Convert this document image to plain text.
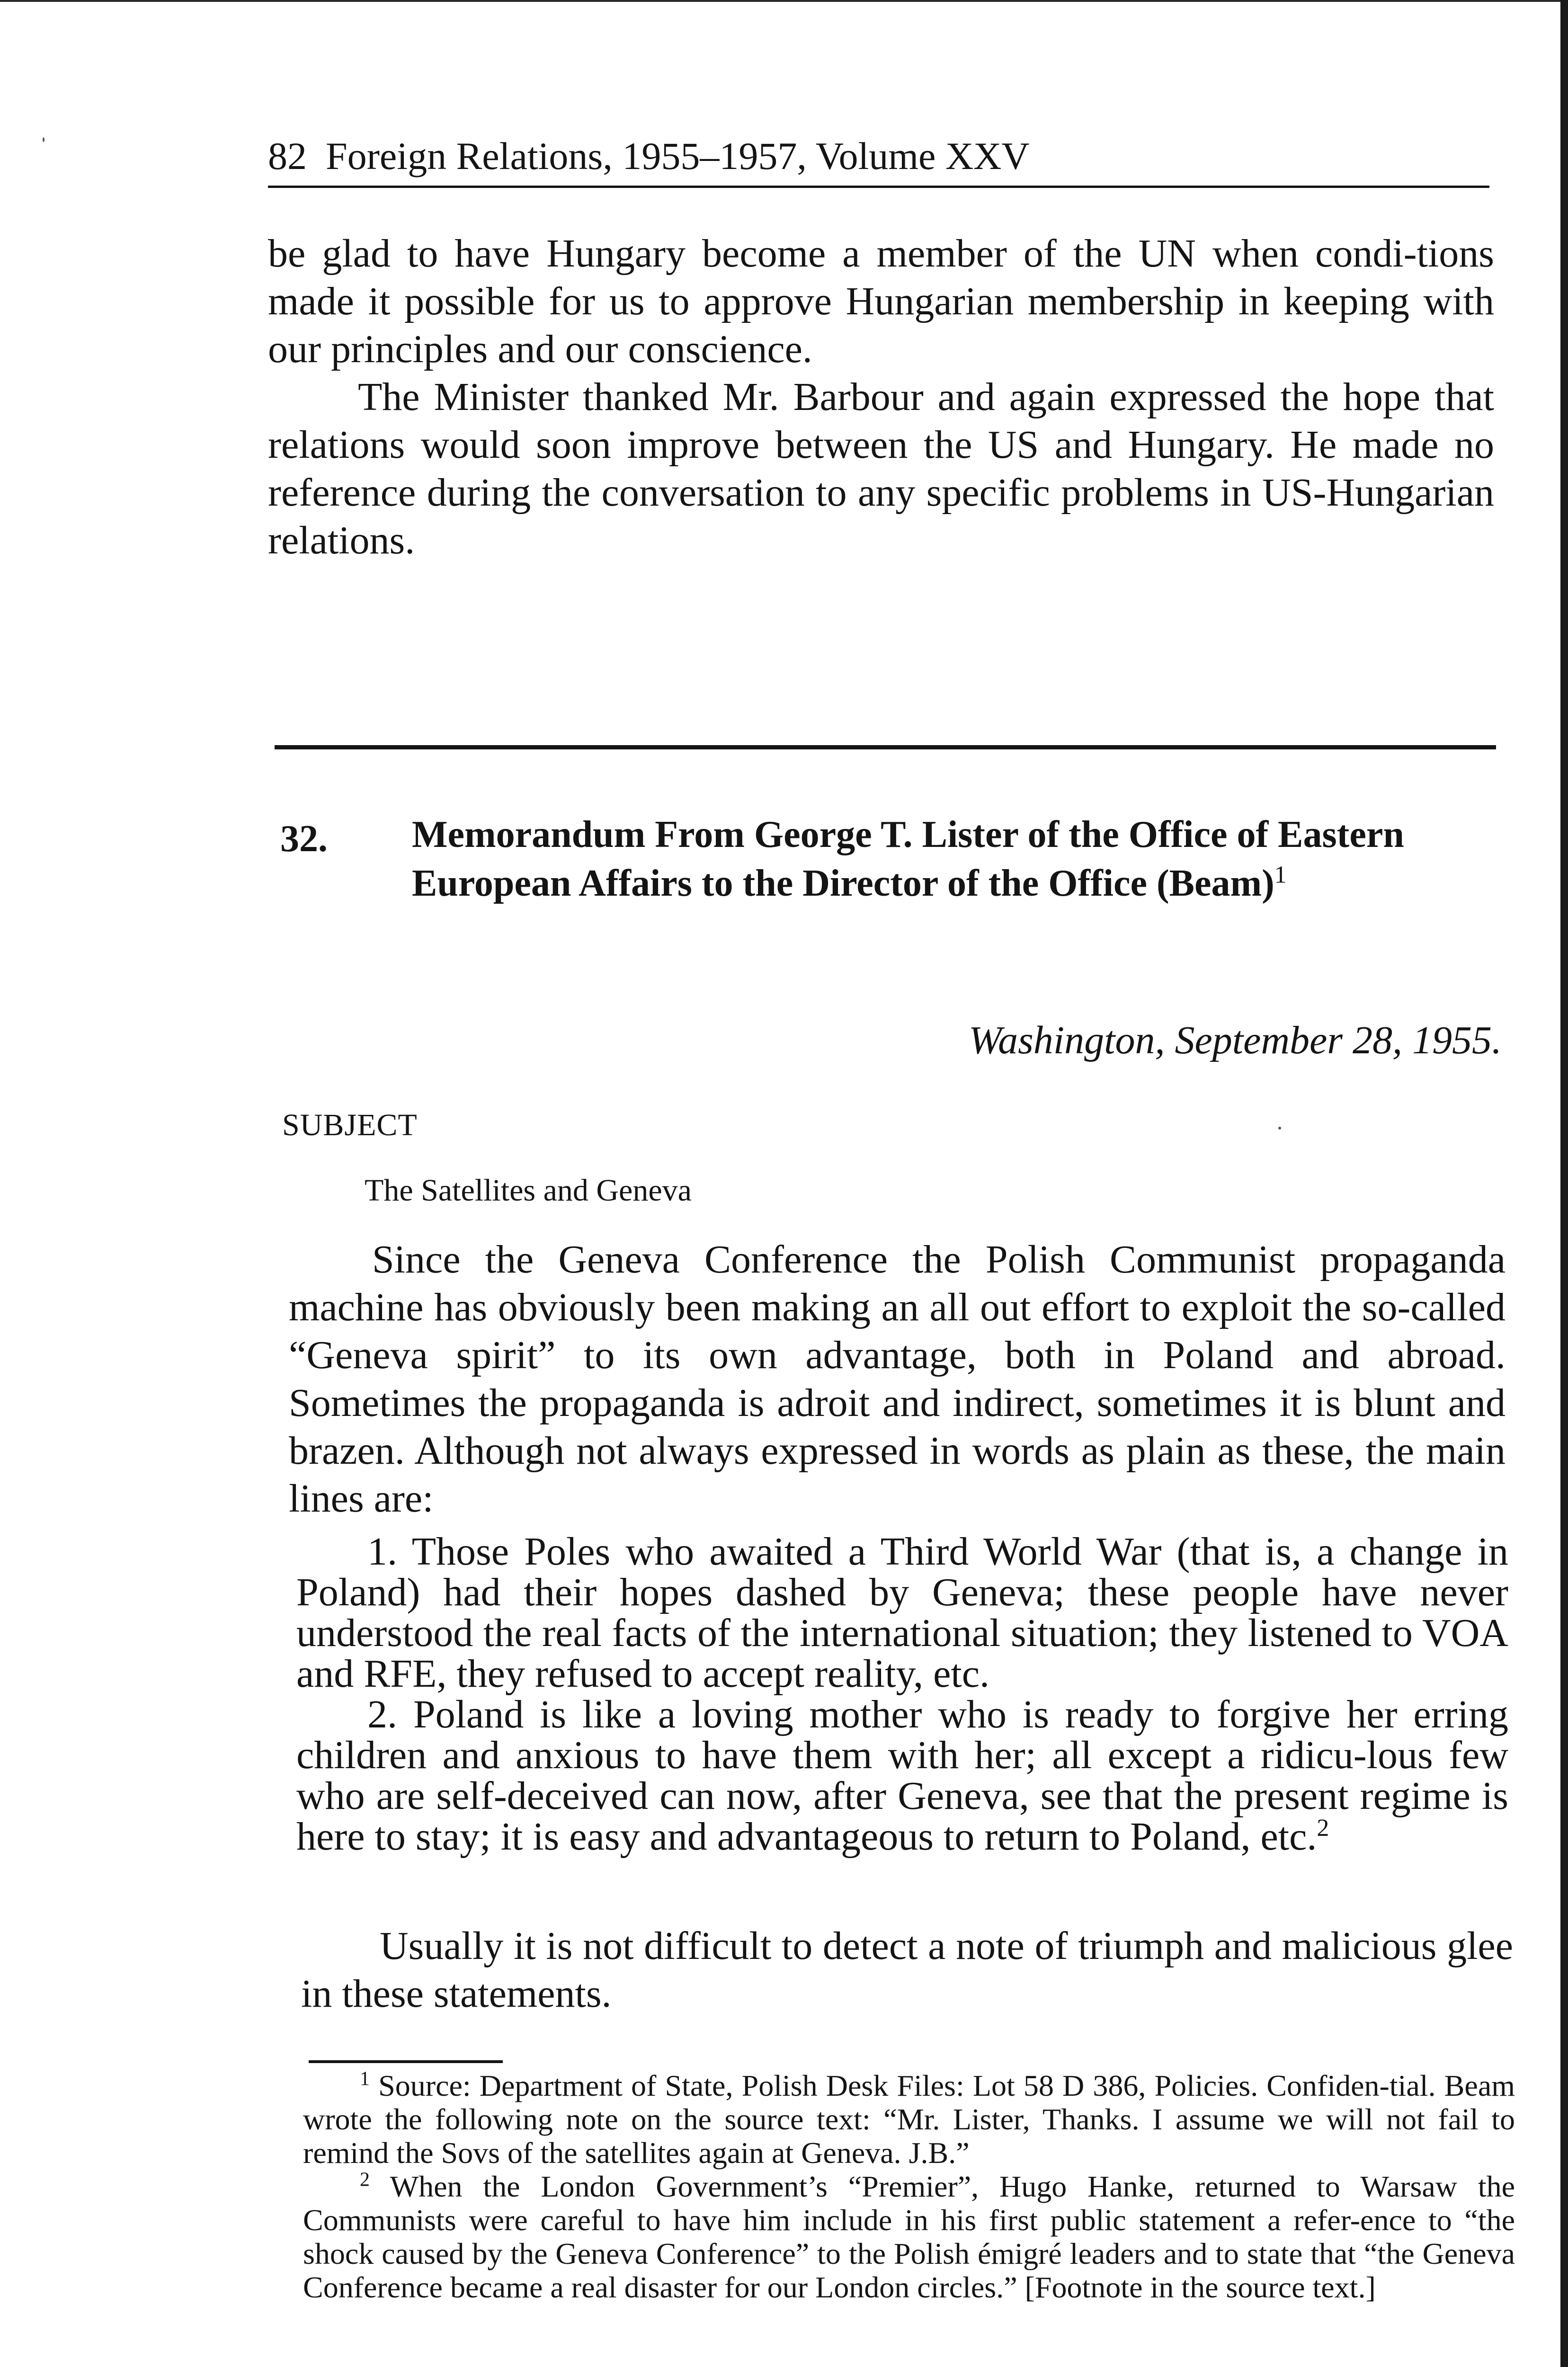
82 Foreign Relations, 1955–1957, Volume XXV

be glad to have Hungary become a member of the UN when condi-tions made it possible for us to approve Hungarian membership in keeping with our principles and our conscience.

The Minister thanked Mr. Barbour and again expressed the hope that relations would soon improve between the US and Hungary. He made no reference during the conversation to any specific problems in US-Hungarian relations.

32. Memorandum From George T. Lister of the Office of Eastern European Affairs to the Director of the Office (Beam)$^1$
Washington, September 28, 1955.
SUBJECT
The Satellites and Geneva

Since the Geneva Conference the Polish Communist propaganda machine has obviously been making an all out effort to exploit the so-called “Geneva spirit” to its own advantage, both in Poland and abroad. Sometimes the propaganda is adroit and indirect, sometimes it is blunt and brazen. Although not always expressed in words as plain as these, the main lines are:

1. Those Poles who awaited a Third World War (that is, a change in Poland) had their hopes dashed by Geneva; these people have never understood the real facts of the international situation; they listened to VOA and RFE, they refused to accept reality, etc.

2. Poland is like a loving mother who is ready to forgive her erring children and anxious to have them with her; all except a ridicu-lous few who are self-deceived can now, after Geneva, see that the present regime is here to stay; it is easy and advantageous to return to Poland, etc.$^2$

Usually it is not difficult to detect a note of triumph and malicious glee in these statements.

$^1$ Source: Department of State, Polish Desk Files: Lot 58 D 386, Policies. Confiden-tial. Beam wrote the following note on the source text: “Mr. Lister, Thanks. I assume we will not fail to remind the Sovs of the satellites again at Geneva. J.B.”

$^2$ When the London Government’s “Premier”, Hugo Hanke, returned to Warsaw the Communists were careful to have him include in his first public statement a refer-ence to “the shock caused by the Geneva Conference” to the Polish émigré leaders and to state that “the Geneva Conference became a real disaster for our London circles.” [Footnote in the source text.]
